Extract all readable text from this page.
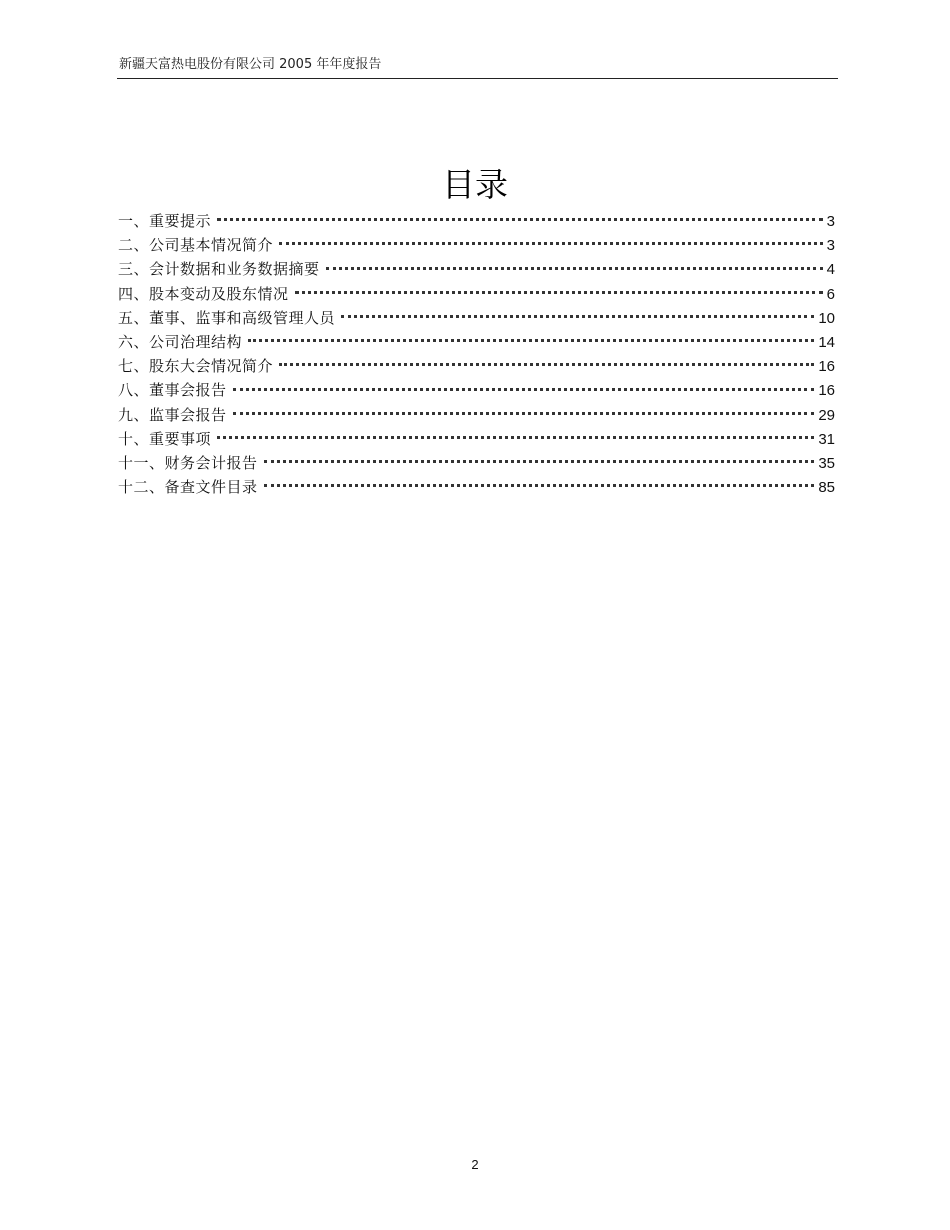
新疆天富热电股份有限公司 2005 年年度报告
目录
一、重要提示	3
二、公司基本情况简介	3
三、会计数据和业务数据摘要	4
四、股本变动及股东情况	6
五、董事、监事和高级管理人员	10
六、公司治理结构	14
七、股东大会情况简介	16
八、董事会报告	16
九、监事会报告	29
十、重要事项	31
十一、财务会计报告	35
十二、备查文件目录	85
2
